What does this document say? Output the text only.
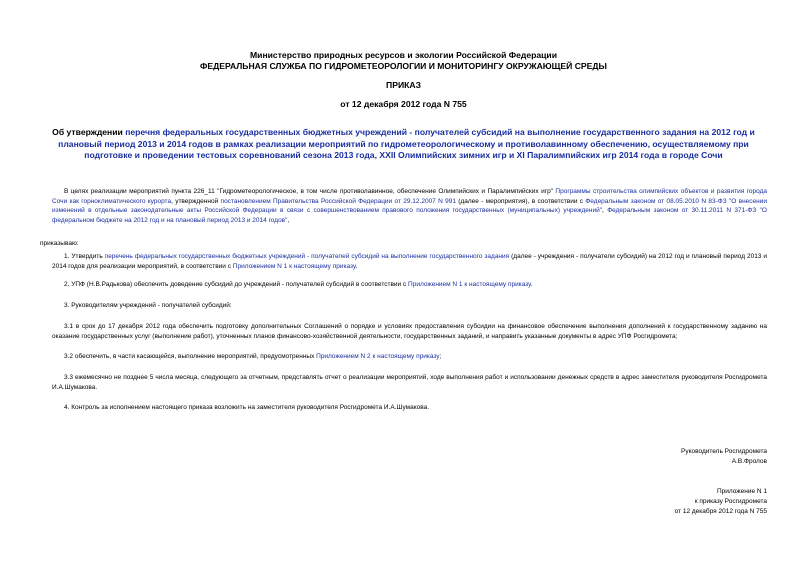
Министерство природных ресурсов и экологии Российской Федерации
ФЕДЕРАЛЬНАЯ СЛУЖБА ПО ГИДРОМЕТЕОРОЛОГИИ И МОНИТОРИНГУ ОКРУЖАЮЩЕЙ СРЕДЫ
ПРИКАЗ
от 12 декабря 2012 года N 755
Об утверждении перечня федеральных государственных бюджетных учреждений - получателей субсидий на выполнение государственного задания на 2012 год и плановый период 2013 и 2014 годов в рамках реализации мероприятий по гидрометеорологическому и противолавинному обеспечению, осуществляемому при подготовке и проведении тестовых соревнований сезона 2013 года, XXII Олимпийских зимних игр и XI Паралимпийских игр 2014 года в городе Сочи
В целях реализации мероприятий пункта 226_11 "Гидрометеорологическое, в том числе противолавинное, обеспечение Олимпийских и Паралимпийских игр" Программы строительства олимпийских объектов и развития города Сочи как горноклиматического курорта, утвержденной постановлением Правительства Российской Федерации от 29.12.2007 N 991 (далее - мероприятия), в соответствии с Федеральным законом от 08.05.2010 N 83-ФЗ "О внесении изменений в отдельные законодательные акты Российской Федерации в связи с совершенствованием правового положения государственных (муниципальных) учреждений", Федеральным законом от 30.11.2011 N 371-ФЗ "О федеральном бюджете на 2012 год и на плановый период 2013 и 2014 годов",
приказываю:
1. Утвердить перечень федеральных государственных бюджетных учреждений - получателей субсидий на выполнение государственного задания (далее - учреждения - получатели субсидий) на 2012 год и плановый период 2013 и 2014 годов для реализации мероприятий, в соответствии с Приложением N 1 к настоящему приказу.
2. УПФ (Н.В.Радькова) обеспечить доведение субсидий до учреждений - получателей субсидий в соответствии с Приложением N 1 к настоящему приказу.
3. Руководителям учреждений - получателей субсидий:
3.1 в срок до 17 декабря 2012 года обеспечить подготовку дополнительных Соглашений о порядке и условиях предоставления субсидии на финансовое обеспечение выполнения дополнений к государственному заданию на оказание государственных услуг (выполнение работ), уточненных планов финансово-хозяйственной деятельности, государственных заданий, и направить указанные документы в адрес УПФ Росгидромета;
3.2 обеспечить, в части касающейся, выполнение мероприятий, предусмотренных Приложением N 2 к настоящему приказу;
3.3 ежемесячно не позднее 5 числа месяца, следующего за отчетным, представлять отчет о реализации мероприятий, ходе выполнения работ и использовании денежных средств в адрес заместителя руководителя Росгидромета И.А.Шумакова.
4. Контроль за исполнением настоящего приказа возложить на заместителя руководителя Росгидромета И.А.Шумакова.
Руководитель Росгидромета
А.В.Фролов
Приложение N 1
к приказу Росгидромета
от 12 декабря 2012 года N 755
